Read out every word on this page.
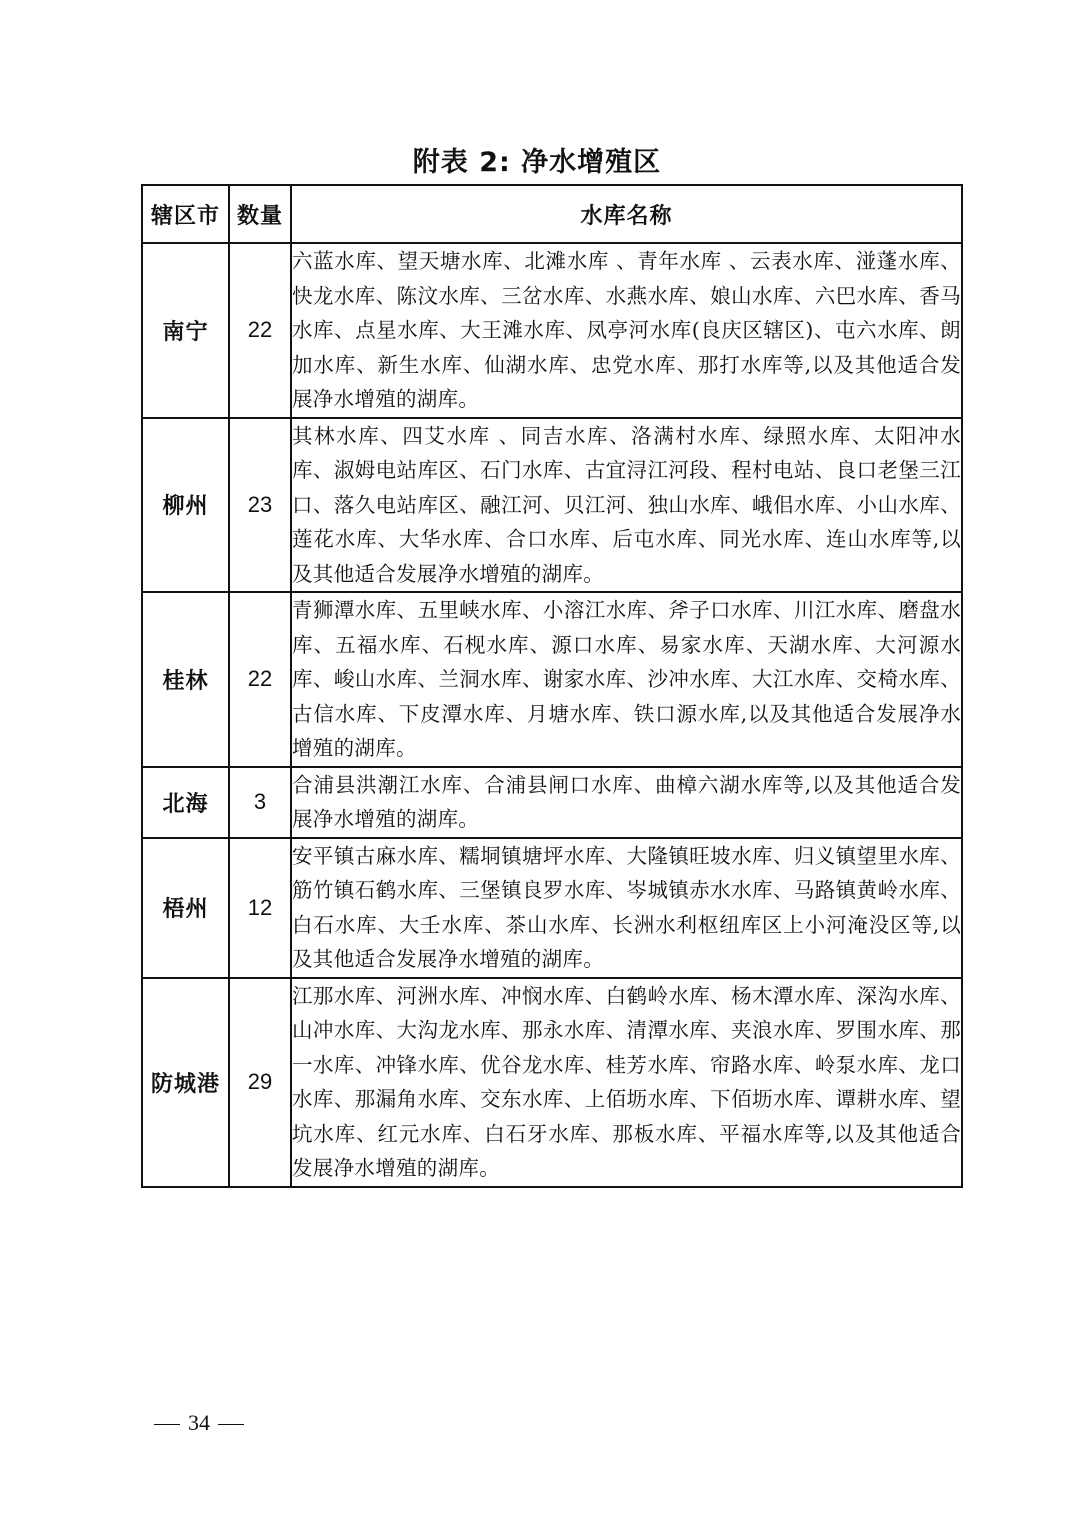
附表 2: 净水增殖区
辖区市	数量	水库名称
南宁	22	六蓝水库、望天塘水库、北滩水库 、青年水库 、云表水库、湴蓬水库、快龙水库、陈汶水库、三岔水库、水燕水库、娘山水库、六巴水库、香马水库、点星水库、大王滩水库、凤亭河水库(良庆区辖区)、屯六水库、朗加水库、新生水库、仙湖水库、忠党水库、那打水库等,以及其他适合发展净水增殖的湖库。
柳州	23	其林水库、四艾水库 、同吉水库、洛满村水库、绿照水库、太阳冲水库、淑姆电站库区、石门水库、古宜浔江河段、程村电站、良口老堡三江口、落久电站库区、融江河、贝江河、独山水库、峨佀水库、小山水库、莲花水库、大华水库、合口水库、后屯水库、同光水库、连山水库等,以及其他适合发展净水增殖的湖库。
桂林	22	青狮潭水库、五里峡水库、小溶江水库、斧子口水库、川江水库、磨盘水库、五福水库、石枧水库、源口水库、易家水库、天湖水库、大河源水库、峻山水库、兰洞水库、谢家水库、沙冲水库、大江水库、交椅水库、古信水库、下皮潭水库、月塘水库、铁口源水库,以及其他适合发展净水增殖的湖库。
北海	3	合浦县洪潮江水库、合浦县闸口水库、曲樟六湖水库等,以及其他适合发展净水增殖的湖库。
梧州	12	安平镇古麻水库、糯垌镇塘坪水库、大隆镇旺坡水库、归义镇望里水库、筋竹镇石鹤水库、三堡镇良罗水库、岑城镇赤水水库、马路镇黄岭水库、白石水库、大壬水库、茶山水库、长洲水利枢纽库区上小河淹没区等,以及其他适合发展净水增殖的湖库。
防城港	29	江那水库、河洲水库、冲悯水库、白鹤岭水库、杨木潭水库、深沟水库、山冲水库、大沟龙水库、那永水库、清潭水库、夹浪水库、罗围水库、那一水库、冲锋水库、优谷龙水库、桂芳水库、帘路水库、岭泵水库、龙口水库、那漏角水库、交东水库、上佰坜水库、下佰坜水库、谭耕水库、望坑水库、红元水库、白石牙水库、那板水库、平福水库等,以及其他适合发展净水增殖的湖库。
34
